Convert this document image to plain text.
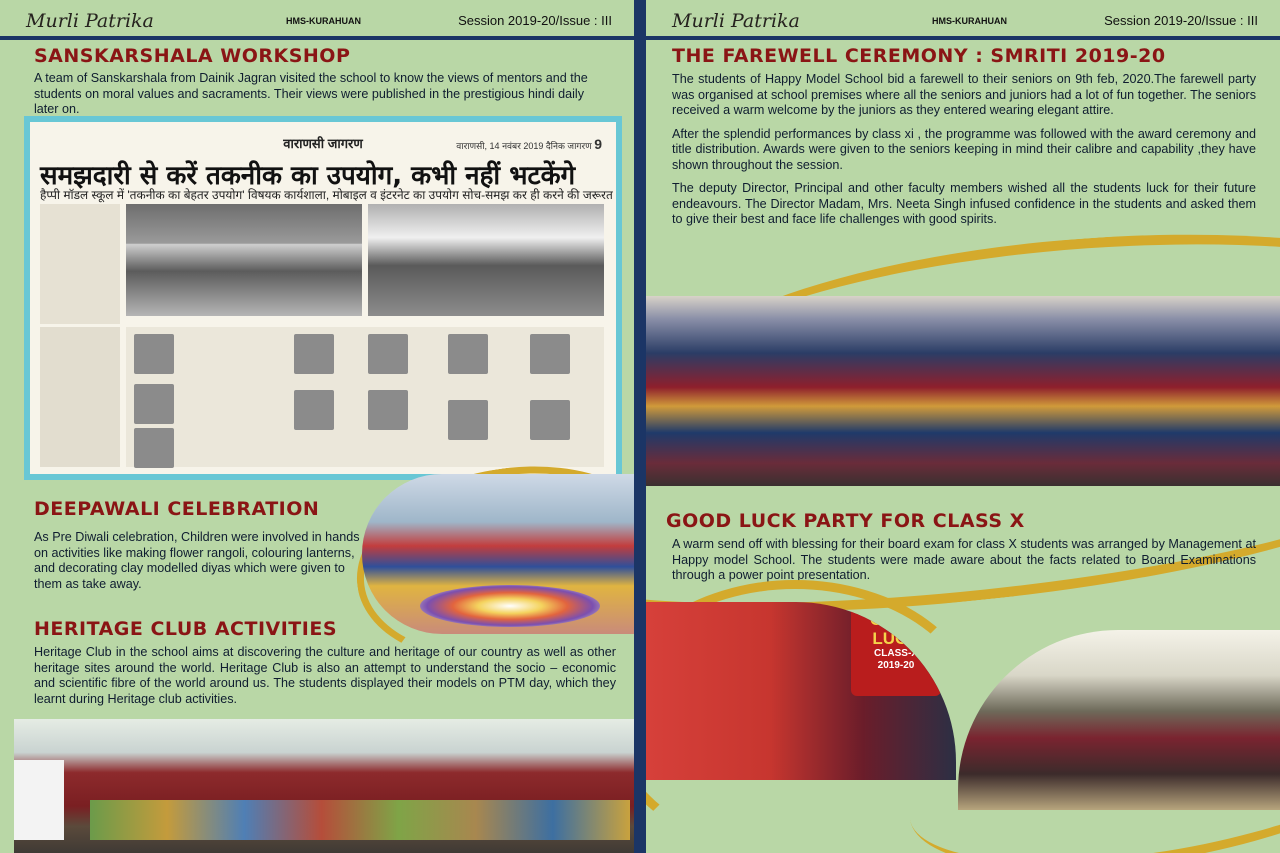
Murli Patrika	HMS-KURAHUAN	Session 2019-20/Issue : III
SANSKARSHALA WORKSHOP
A team of Sanskarshala from Dainik Jagran visited the school to know the views of mentors and the students on moral values and sacraments. Their views were published in the prestigious hindi daily later on.
वाराणसी जागरण	वाराणसी, 14 नवंबर 2019 दैनिक जागरण 9
समझदारी से करें तकनीक का उपयोग, कभी नहीं भटकेंगे
हैप्पी मॉडल स्कूल में 'तकनीक का बेहतर उपयोग' विषयक कार्यशाला, मोबाइल व इंटरनेट का उपयोग सोच-समझ कर ही करने की जरूरत
DEEPAWALI CELEBRATION
As Pre Diwali celebration, Children were involved in hands on activities like making flower rangoli, colouring lanterns, and decorating clay modelled diyas which were given to them as take away.
HERITAGE CLUB ACTIVITIES
Heritage Club in the school aims at discovering the culture and heritage of our country as well as other heritage sites around the world. Heritage Club is also an attempt to understand the socio – economic and scientific fibre of the world around us. The students displayed their models on PTM day, which they learnt during Heritage club activities.
Murli Patrika	HMS-KURAHUAN	Session 2019-20/Issue : III
THE FAREWELL CEREMONY : SMRITI 2019-20

The students of Happy Model School bid a farewell to their seniors on 9th feb, 2020.The farewell party was organised at school premises where all the seniors and juniors had a lot of fun together. The seniors received a warm welcome by the juniors as they entered wearing elegant attire.

After the splendid performances by class xi , the programme was followed with the award ceremony and title distribution. Awards were given to the seniors keeping in mind their calibre and capability ,they have shown throughout the session.

The deputy Director, Principal and other faculty members wished all the students luck for their future endeavours. The Director Madam, Mrs. Neeta Singh infused confidence in the students and asked them to give their best and face life challenges with good spirits.

GOOD LUCK PARTY FOR CLASS X
A warm send off with blessing for their board exam for class X students was arranged by Management at Happy model School. The students were made aware about the facts related to Board Examinations through a power point presentation.
GOOD
LUCK
CLASS-X
2019-20
